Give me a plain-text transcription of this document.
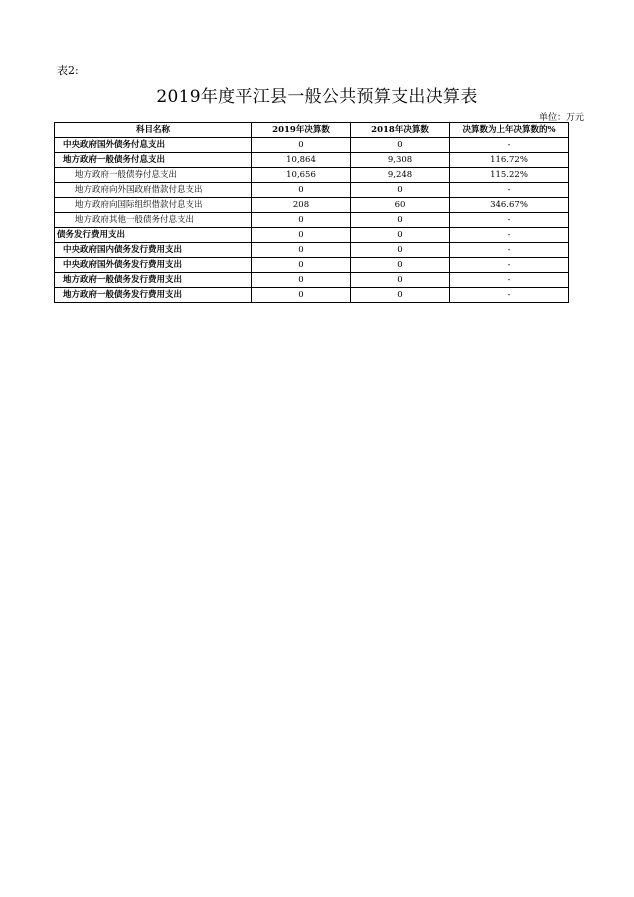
表2:
2019年度平江县一般公共预算支出决算表
单位：万元
科目名称	2019年决算数	2018年决算数	决算数为上年决算数的%
中央政府国外债务付息支出	0	0	-
地方政府一般债务付息支出	10,864	9,308	116.72%
地方政府一般债券付息支出	10,656	9,248	115.22%
地方政府向外国政府借款付息支出	0	0	-
地方政府向国际组织借款付息支出	208	60	346.67%
地方政府其他一般债务付息支出	0	0	-
债务发行费用支出	0	0	-
中央政府国内债务发行费用支出	0	0	-
中央政府国外债务发行费用支出	0	0	-
地方政府一般债务发行费用支出	0	0	-
地方政府一般债务发行费用支出	0	0	-
